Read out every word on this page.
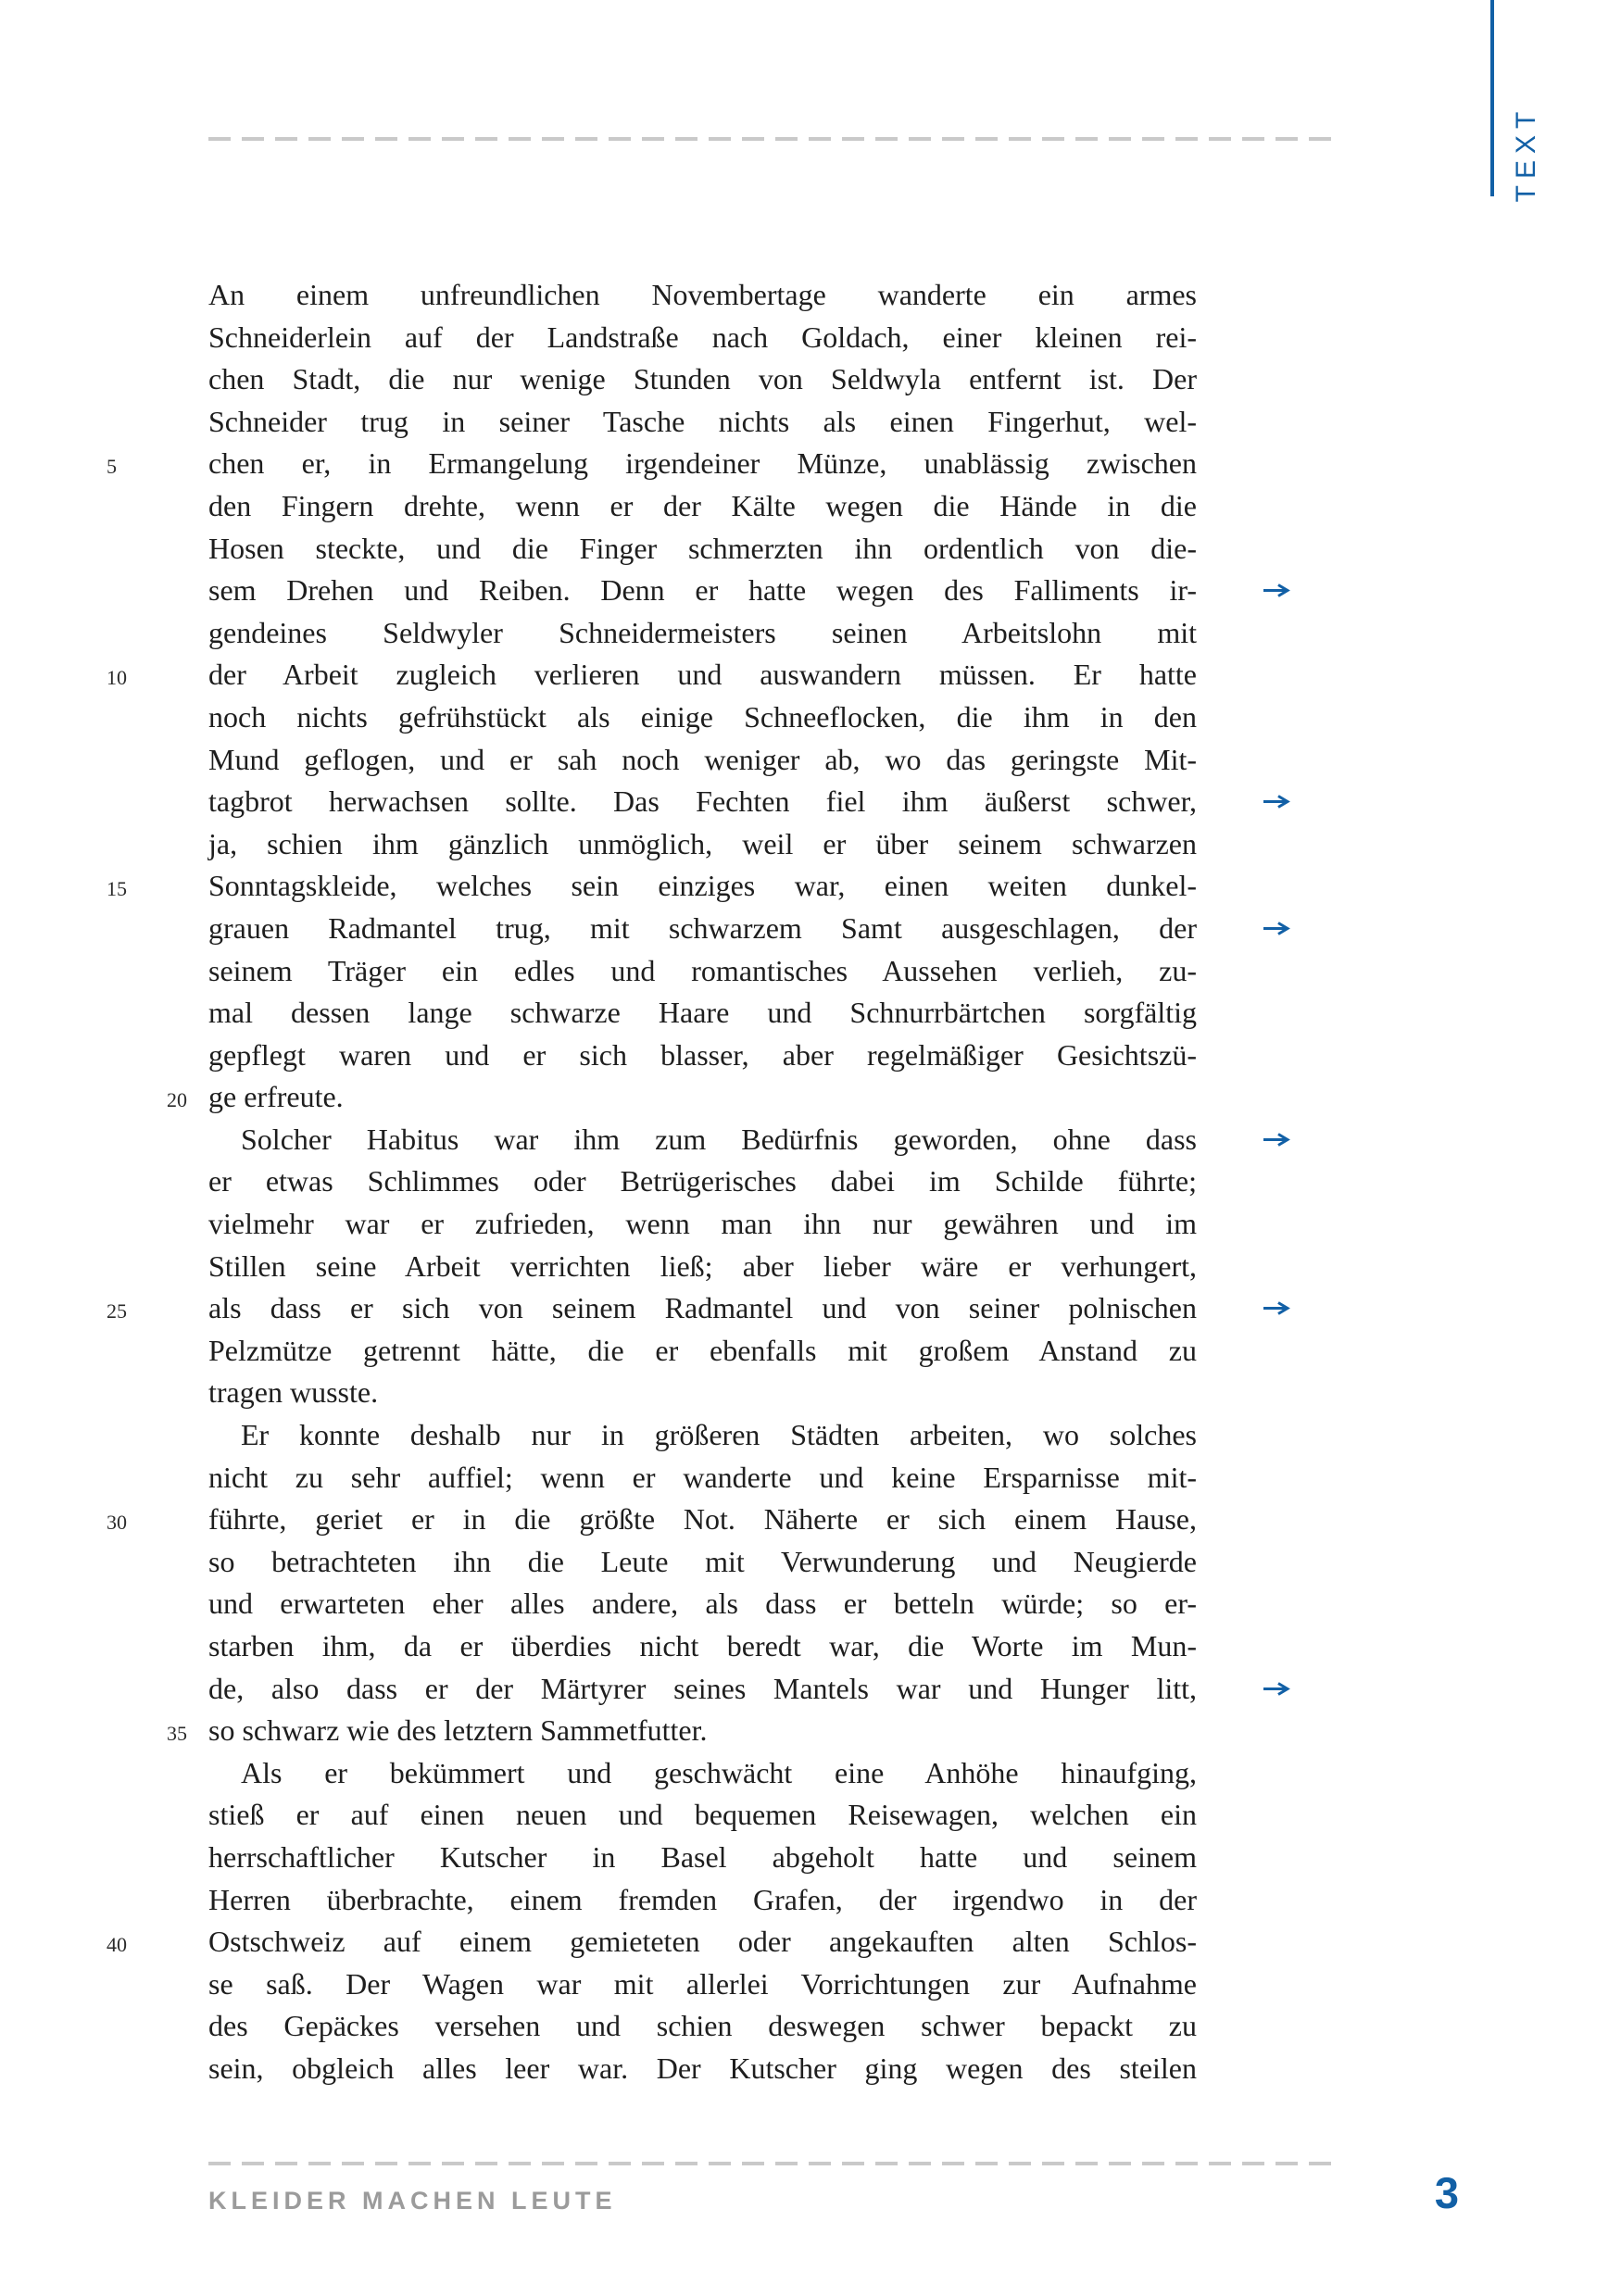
TEXT
An einem unfreundlichen Novembertage wanderte ein armes
Schneiderlein auf der Landstraße nach Goldach, einer kleinen rei-
chen Stadt, die nur wenige Stunden von Seldwyla entfernt ist. Der
Schneider trug in seiner Tasche nichts als einen Fingerhut, wel-
5	chen er, in Ermangelung irgendeiner Münze, unablässig zwischen
den Fingern drehte, wenn er der Kälte wegen die Hände in die
Hosen steckte, und die Finger schmerzten ihn ordentlich von die-
sem Drehen und Reiben. Denn er hatte wegen des Falliments ir-
gendeines Seldwyler Schneidermeisters seinen Arbeitslohn mit
10	der Arbeit zugleich verlieren und auswandern müssen. Er hatte
noch nichts gefrühstückt als einige Schneeflocken, die ihm in den
Mund geflogen, und er sah noch weniger ab, wo das geringste Mit-
tagbrot herwachsen sollte. Das Fechten fiel ihm äußerst schwer,
ja, schien ihm gänzlich unmöglich, weil er über seinem schwarzen
15	Sonntagskleide, welches sein einziges war, einen weiten dunkel-
grauen Radmantel trug, mit schwarzem Samt ausgeschlagen, der
seinem Träger ein edles und romantisches Aussehen verlieh, zu-
mal dessen lange schwarze Haare und Schnurrbärtchen sorgfältig
gepflegt waren und er sich blasser, aber regelmäßiger Gesichtszü-
20 ge erfreute.
Solcher Habitus war ihm zum Bedürfnis geworden, ohne dass
er etwas Schlimmes oder Betrügerisches dabei im Schilde führte;
vielmehr war er zufrieden, wenn man ihn nur gewähren und im
Stillen seine Arbeit verrichten ließ; aber lieber wäre er verhungert,
25	als dass er sich von seinem Radmantel und von seiner polnischen
Pelzmütze getrennt hätte, die er ebenfalls mit großem Anstand zu
tragen wusste.
Er konnte deshalb nur in größeren Städten arbeiten, wo solches
nicht zu sehr auffiel; wenn er wanderte und keine Ersparnisse mit-
30	führte, geriet er in die größte Not. Näherte er sich einem Hause,
so betrachteten ihn die Leute mit Verwunderung und Neugierde
und erwarteten eher alles andere, als dass er betteln würde; so er-
starben ihm, da er überdies nicht beredt war, die Worte im Mun-
de, also dass er der Märtyrer seines Mantels war und Hunger litt,
35 so schwarz wie des letztern Sammetfutter.
Als er bekümmert und geschwächt eine Anhöhe hinaufging,
stieß er auf einen neuen und bequemen Reisewagen, welchen ein
herrschaftlicher Kutscher in Basel abgeholt hatte und seinem
Herren überbrachte, einem fremden Grafen, der irgendwo in der
40	Ostschweiz auf einem gemieteten oder angekauften alten Schlos-
se saß. Der Wagen war mit allerlei Vorrichtungen zur Aufnahme
des Gepäckes versehen und schien deswegen schwer bepackt zu
sein, obgleich alles leer war. Der Kutscher ging wegen des steilen
KLEIDER MACHEN LEUTE	3
